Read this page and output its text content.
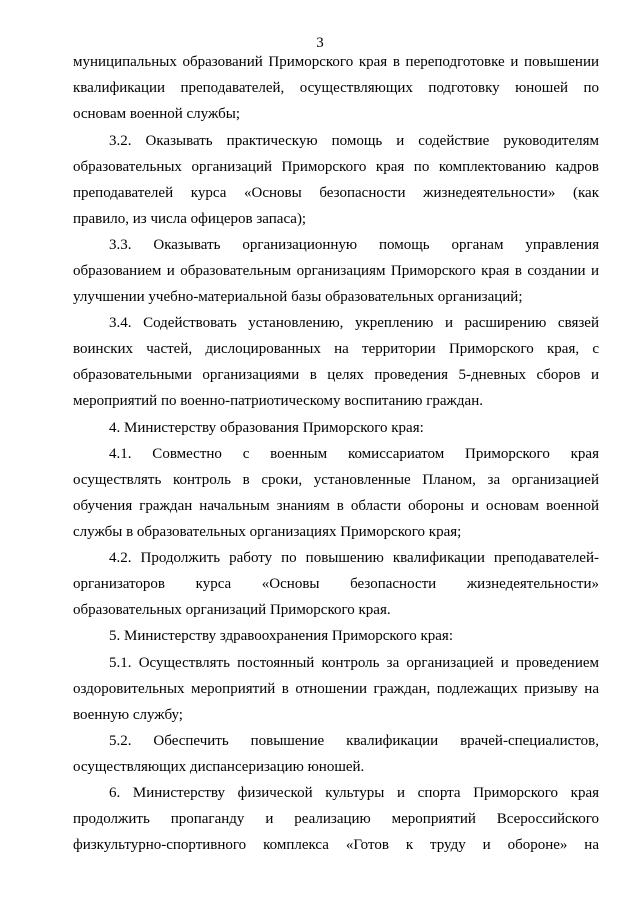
3
муниципальных образований Приморского края в переподготовке и повышении
квалификации преподавателей, осуществляющих подготовку юношей по
основам военной службы;
3.2. Оказывать практическую помощь и содействие руководителям
образовательных организаций Приморского края по комплектованию кадров
преподавателей курса «Основы безопасности жизнедеятельности» (как
правило, из числа офицеров запаса);
3.3. Оказывать организационную помощь органам управления
образованием и образовательным организациям Приморского края в создании и
улучшении учебно-материальной базы образовательных организаций;
3.4. Содействовать установлению, укреплению и расширению связей
воинских частей, дислоцированных на территории Приморского края, с
образовательными организациями в целях проведения 5-дневных сборов и
мероприятий по военно-патриотическому воспитанию граждан.
4. Министерству образования Приморского края:
4.1. Совместно с военным комиссариатом Приморского края
осуществлять контроль в сроки, установленные Планом, за организацией
обучения граждан начальным знаниям в области обороны и основам военной
службы в образовательных организациях Приморского края;
4.2. Продолжить работу по повышению квалификации преподавателей-
организаторов курса «Основы безопасности жизнедеятельности»
образовательных организаций Приморского края.
5. Министерству здравоохранения Приморского края:
5.1. Осуществлять постоянный контроль за организацией и проведением
оздоровительных мероприятий в отношении граждан, подлежащих призыву на
военную службу;
5.2. Обеспечить повышение квалификации врачей-специалистов,
осуществляющих диспансеризацию юношей.
6. Министерству физической культуры и спорта Приморского края
продолжить пропаганду и реализацию мероприятий Всероссийского
физкультурно-спортивного комплекса «Готов к труду и обороне» на
